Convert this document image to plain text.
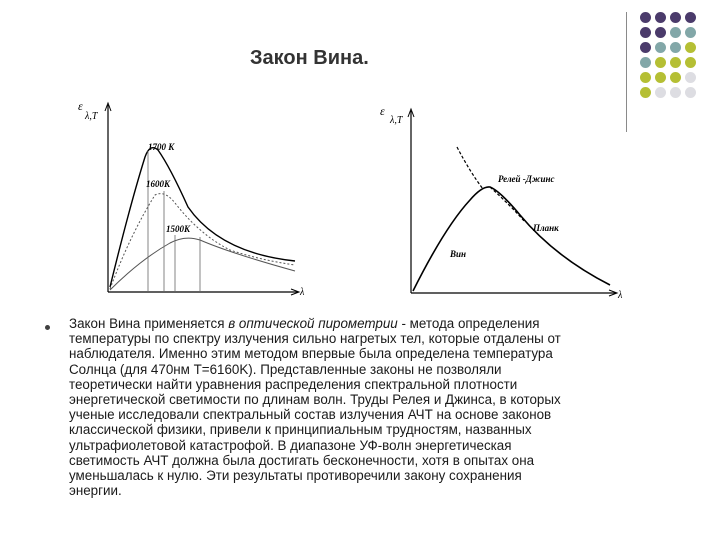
Закон Вина.
ε
λ,T
λ
1700 K
1600K
1500K
ε
λ,T
λ
Релей -Джинс
Планк
Вин
Закон Вина применяется в оптической пирометрии - метода определения
температуры по спектру излучения сильно нагретых тел, которые отдалены от
наблюдателя. Именно этим методом впервые была определена температура
Солнца (для 470нм T=6160K). Представленные законы не позволяли
теоретически найти уравнения распределения спектральной плотности
энергетической светимости по длинам волн. Труды Релея и Джинса, в которых
ученые исследовали спектральный состав излучения АЧТ на основе законов
классической физики, привели к принципиальным трудностям, названных
ультрафиолетовой катастрофой. В диапазоне УФ-волн энергетическая
светимость АЧТ должна была достигать бесконечности, хотя в опытах она
уменьшалась к нулю. Эти результаты противоречили закону сохранения
энергии.
